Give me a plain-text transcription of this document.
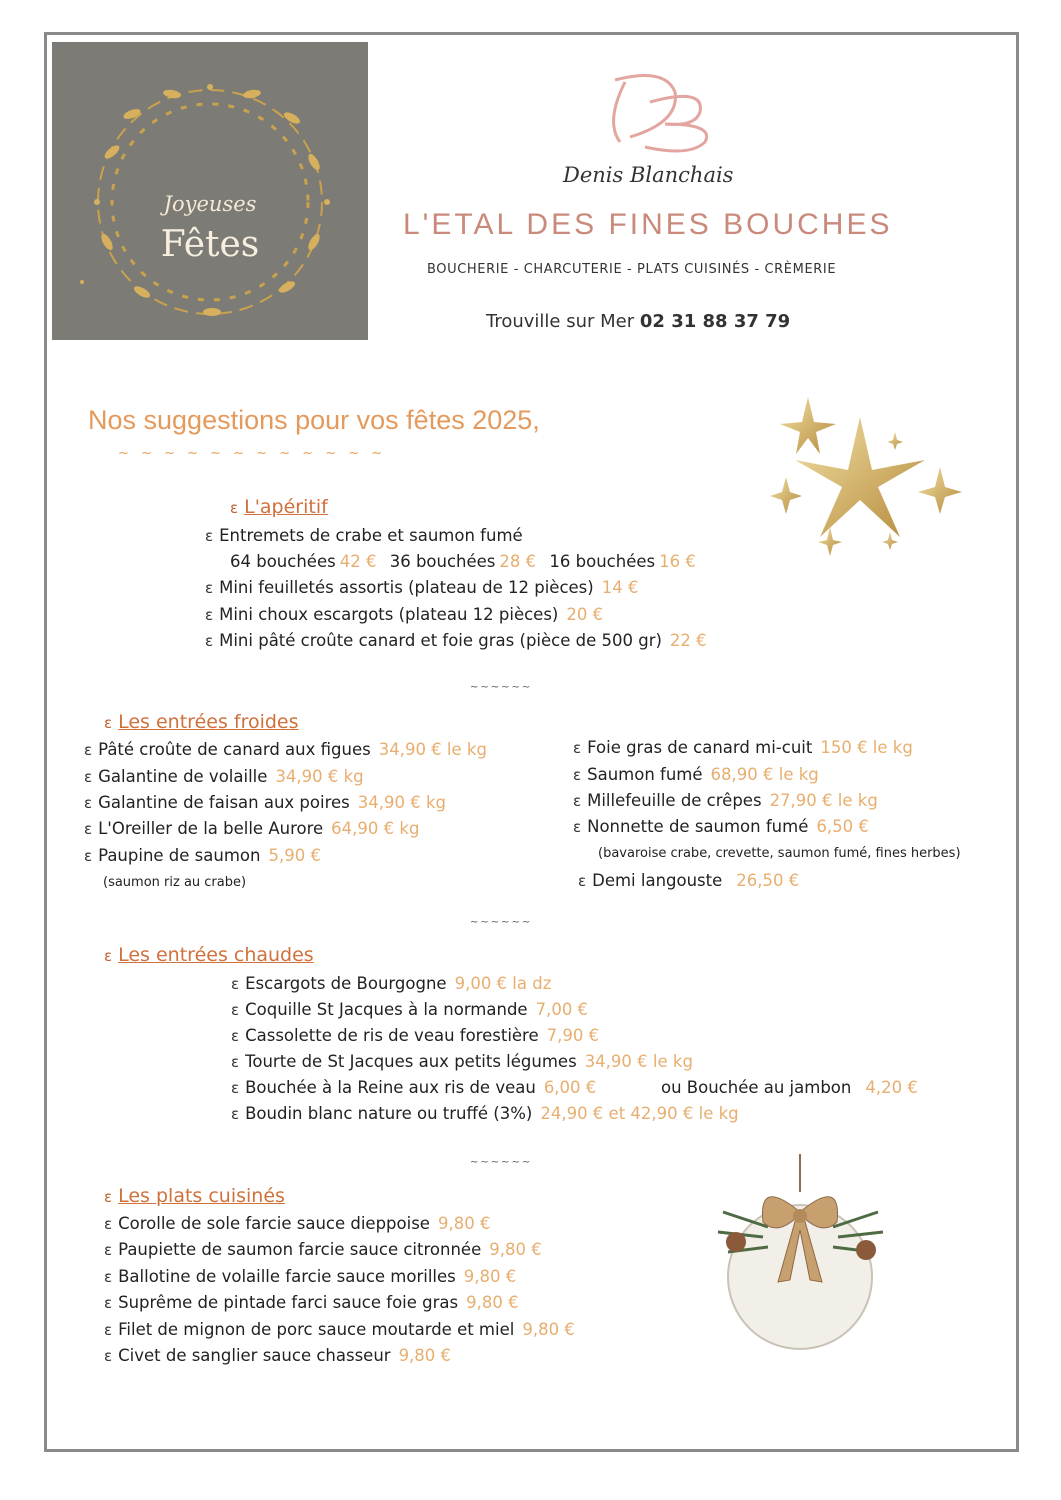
Joyeuses
Fêtes
Denis Blanchais
L'ETAL DES FINES BOUCHES
BOUCHERIE - CHARCUTERIE - PLATS CUISINÉS - CRÈMERIE
Trouville sur Mer 02 31 88 37 79
Nos suggestions pour vos fêtes 2025,
~ ~ ~ ~ ~ ~ ~ ~ ~ ~ ~ ~
ɛ L'apéritif
ɛ Entremets de crabe et saumon fumé
64 bouchées 42 € 36 bouchées 28 € 16 bouchées 16 €
ɛ Mini feuilletés assortis (plateau de 12 pièces) 14 €
ɛ Mini choux escargots (plateau 12 pièces) 20 €
ɛ Mini pâté croûte canard et foie gras (pièce de 500 gr) 22 €
~~~~~~
ɛ Les entrées froides
ɛ Pâté croûte de canard aux figues 34,90 € le kg
ɛ Galantine de volaille 34,90 € kg
ɛ Galantine de faisan aux poires 34,90 € kg
ɛ L'Oreiller de la belle Aurore 64,90 € kg
ɛ Paupine de saumon 5,90 €
(saumon riz au crabe)
ɛ Foie gras de canard mi-cuit 150 € le kg
ɛ Saumon fumé 68,90 € le kg
ɛ Millefeuille de crêpes 27,90 € le kg
ɛ Nonnette de saumon fumé 6,50 €
(bavaroise crabe, crevette, saumon fumé, fines herbes)
ɛ Demi langouste 26,50 €
~~~~~~
ɛ Les entrées chaudes
ɛ Escargots de Bourgogne 9,00 € la dz
ɛ Coquille St Jacques à la normande 7,00 €
ɛ Cassolette de ris de veau forestière 7,90 €
ɛ Tourte de St Jacques aux petits légumes 34,90 € le kg
ɛ Bouchée à la Reine aux ris de veau 6,00 €	ou Bouchée au jambon 4,20 €
ɛ Boudin blanc nature ou truffé (3%) 24,90 € et 42,90 € le kg
~~~~~~
ɛ Les plats cuisinés
ɛ Corolle de sole farcie sauce dieppoise 9,80 €
ɛ Paupiette de saumon farcie sauce citronnée 9,80 €
ɛ Ballotine de volaille farcie sauce morilles 9,80 €
ɛ Suprême de pintade farci sauce foie gras 9,80 €
ɛ Filet de mignon de porc sauce moutarde et miel 9,80 €
ɛ Civet de sanglier sauce chasseur 9,80 €
